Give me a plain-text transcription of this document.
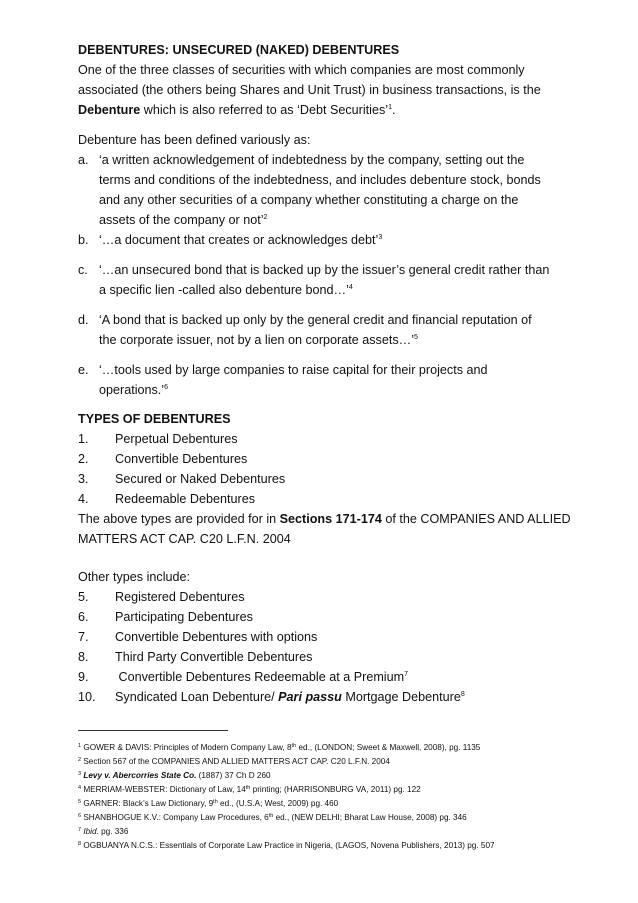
DEBENTURES: UNSECURED (NAKED) DEBENTURES
One of the three classes of securities with which companies are most commonly
associated (the others being Shares and Unit Trust) in business transactions, is the
Debenture which is also referred to as ‘Debt Securities’$^1$.
Debenture has been defined variously as:
a. ‘a written acknowledgement of indebtedness by the company, setting out the
terms and conditions of the indebtedness, and includes debenture stock, bonds
and any other securities of a company whether constituting a charge on the
assets of the company or not’$^2$
b. ‘…a document that creates or acknowledges debt’$^3$
c. ‘…an unsecured bond that is backed up by the issuer’s general credit rather than
a specific lien -called also debenture bond…’$^4$
d. ‘A bond that is backed up only by the general credit and financial reputation of
the corporate issuer, not by a lien on corporate assets…’$^5$
e. ‘…tools used by large companies to raise capital for their projects and
operations.’$^6$
TYPES OF DEBENTURES
1. Perpetual Debentures
2. Convertible Debentures
3. Secured or Naked Debentures
4. Redeemable Debentures
The above types are provided for in Sections 171-174 of the COMPANIES AND ALLIED
MATTERS ACT CAP. C20 L.F.N. 2004
Other types include:
5. Registered Debentures
6. Participating Debentures
7. Convertible Debentures with options
8. Third Party Convertible Debentures
9. Convertible Debentures Redeemable at a Premium$^7$
10. Syndicated Loan Debenture/ Pari passu Mortgage Debenture$^8$
$^1$ GOWER & DAVIS: Principles of Modern Company Law, 8th ed., (LONDON; Sweet & Maxwell, 2008), pg. 1135
$^2$ Section 567 of the COMPANIES AND ALLIED MATTERS ACT CAP. C20 L.F.N. 2004
$^3$ Levy v. Abercorries State Co. (1887) 37 Ch D 260
$^4$ MERRIAM-WEBSTER: Dictionary of Law, 14th printing; (HARRISONBURG VA, 2011) pg. 122
$^5$ GARNER: Black’s Law Dictionary, 9th ed., (U.S.A; West, 2009) pg. 460
$^6$ SHANBHOGUE K.V.: Company Law Procedures, 6th ed., (NEW DELHI; Bharat Law House, 2008) pg. 346
$^7$ Ibid. pg. 336
$^8$ OGBUANYA N.C.S.: Essentials of Corporate Law Practice in Nigeria, (LAGOS, Novena Publishers, 2013) pg. 507
